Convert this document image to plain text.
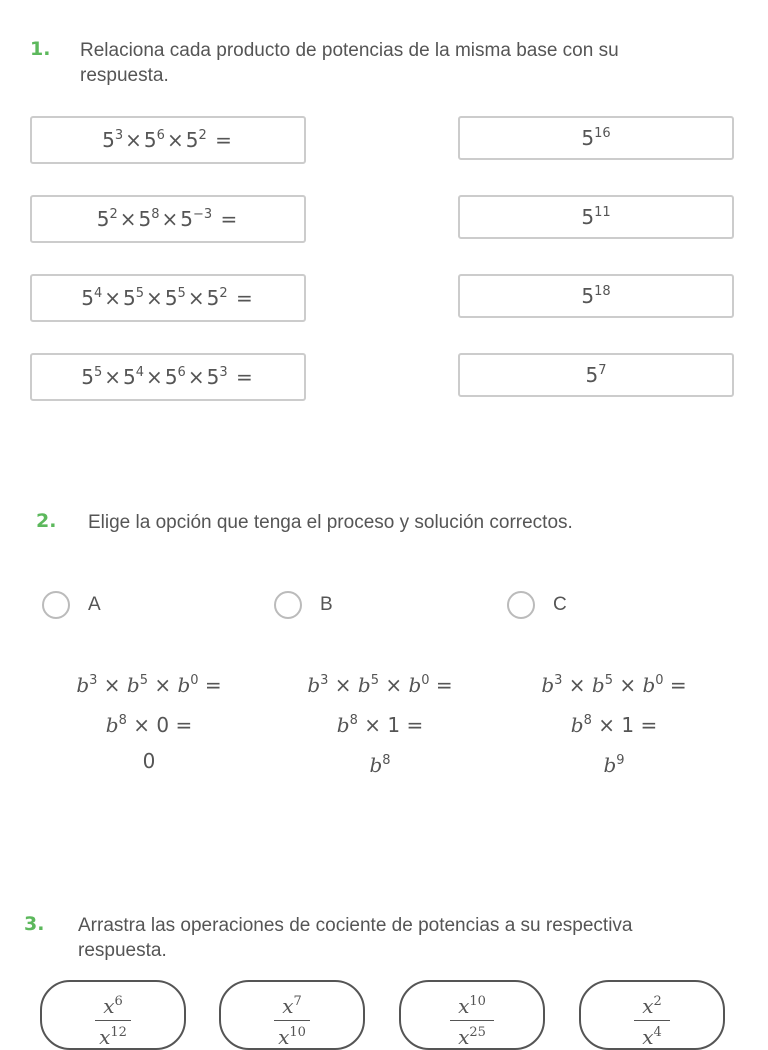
1. Relaciona cada producto de potencias de la misma base con su respuesta.
$5^3 \times 5^6 \times 5^2$ =
$5^2 \times 5^8 \times 5^{-3}$ =
$5^4 \times 5^5 \times 5^5 \times 5^2$ =
$5^5 \times 5^4 \times 5^6 \times 5^3$ =
$5^{16}$
$5^{11}$
$5^{18}$
$5^7$
2. Elige la opción que tenga el proceso y solución correctos.
A	B	C
$b^3 \times b^5 \times b^0$ =
$b^8 \times 0$ =
0
$b^3 \times b^5 \times b^0$ =
$b^8 \times 1$ =
$b^8$
$b^3 \times b^5 \times b^0$ =
$b^8 \times 1$ =
$b^9$
3. Arrastra las operaciones de cociente de potencias a su respectiva respuesta.
$\frac{x^6}{x^{12}}$	$\frac{x^7}{x^{10}}$	$\frac{x^{10}}{x^{25}}$	$\frac{x^2}{x^4}$
